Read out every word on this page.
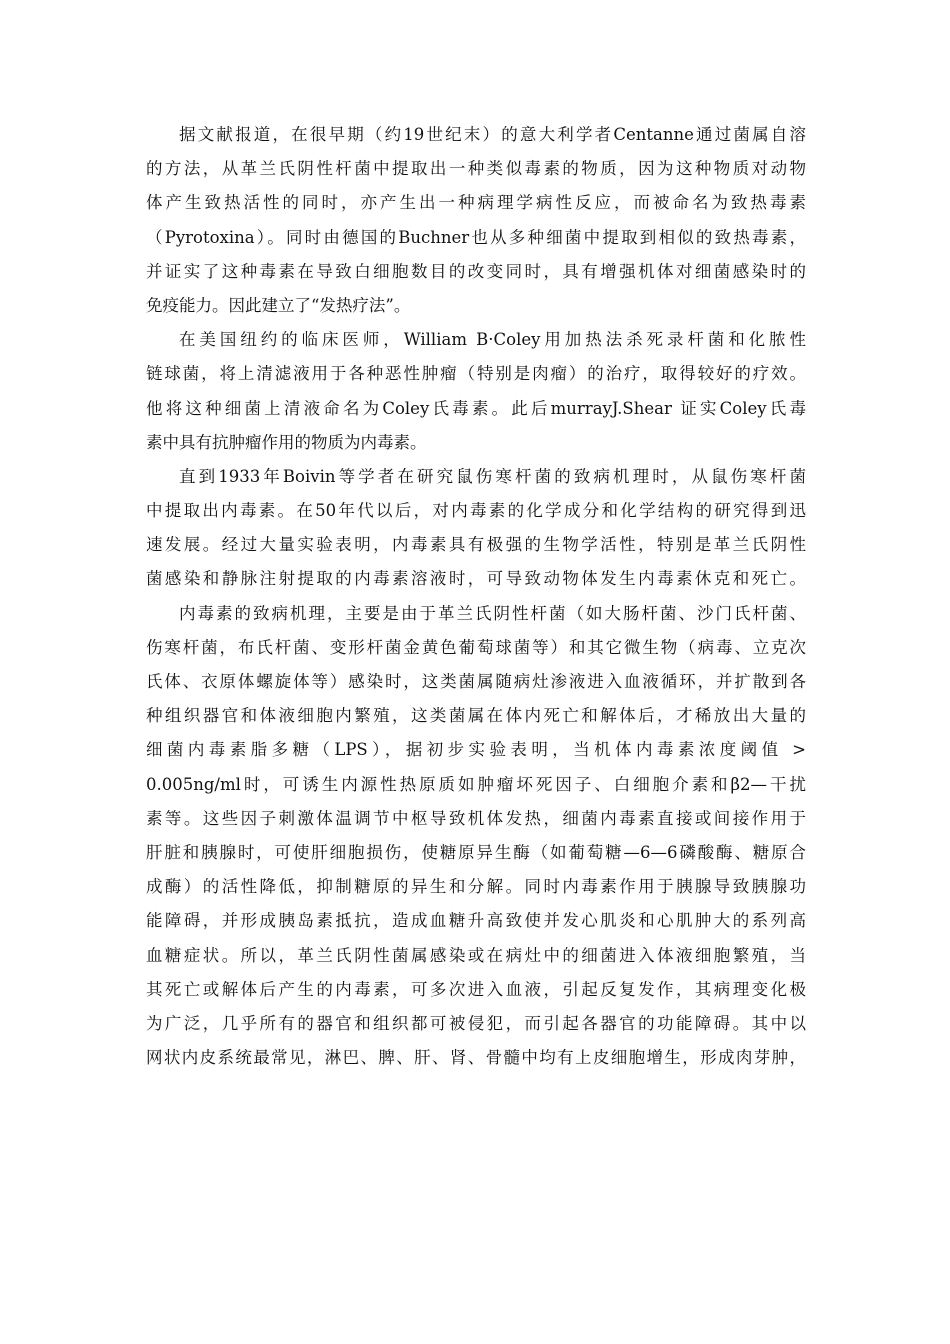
据文献报道，在很早期（约19世纪末）的意大利学者Centanne通过菌属自溶
的方法，从革兰氏阴性杆菌中提取出一种类似毒素的物质，因为这种物质对动物
体产生致热活性的同时，亦产生出一种病理学病性反应，而被命名为致热毒素
（Pyrotoxina）。同时由德国的Buchner也从多种细菌中提取到相似的致热毒素，
并证实了这种毒素在导致白细胞数目的改变同时，具有增强机体对细菌感染时的
免疫能力。因此建立了“发热疗法”。
在美国纽约的临床医师，William B·Coley用加热法杀死录杆菌和化脓性
链球菌，将上清滤液用于各种恶性肿瘤（特别是肉瘤）的治疗，取得较好的疗效。
他将这种细菌上清液命名为Coley氏毒素。此后murrayJ.Shear 证实Coley氏毒
素中具有抗肿瘤作用的物质为内毒素。
直到1933年Boivin等学者在研究鼠伤寒杆菌的致病机理时，从鼠伤寒杆菌
中提取出内毒素。在50年代以后，对内毒素的化学成分和化学结构的研究得到迅
速发展。经过大量实验表明，内毒素具有极强的生物学活性，特别是革兰氏阴性
菌感染和静脉注射提取的内毒素溶液时，可导致动物体发生内毒素休克和死亡。
内毒素的致病机理，主要是由于革兰氏阴性杆菌（如大肠杆菌、沙门氏杆菌、
伤寒杆菌，布氏杆菌、变形杆菌金黄色葡萄球菌等）和其它微生物（病毒、立克次
氏体、衣原体螺旋体等）感染时，这类菌属随病灶渗液进入血液循环，并扩散到各
种组织器官和体液细胞内繁殖，这类菌属在体内死亡和解体后，才稀放出大量的
细菌内毒素脂多糖（LPS），据初步实验表明，当机体内毒素浓度阈值 >
0.005ng/ml时，可诱生内源性热原质如肿瘤坏死因子、白细胞介素和β2—干扰
素等。这些因子刺激体温调节中枢导致机体发热，细菌内毒素直接或间接作用于
肝脏和胰腺时，可使肝细胞损伤，使糖原异生酶（如葡萄糖—6—6磷酸酶、糖原合
成酶）的活性降低，抑制糖原的异生和分解。同时内毒素作用于胰腺导致胰腺功
能障碍，并形成胰岛素抵抗，造成血糖升高致使并发心肌炎和心肌肿大的系列高
血糖症状。所以，革兰氏阴性菌属感染或在病灶中的细菌进入体液细胞繁殖，当
其死亡或解体后产生的内毒素，可多次进入血液，引起反复发作，其病理变化极
为广泛，几乎所有的器官和组织都可被侵犯，而引起各器官的功能障碍。其中以
网状内皮系统最常见，淋巴、脾、肝、肾、骨髓中均有上皮细胞增生，形成肉芽肿，
